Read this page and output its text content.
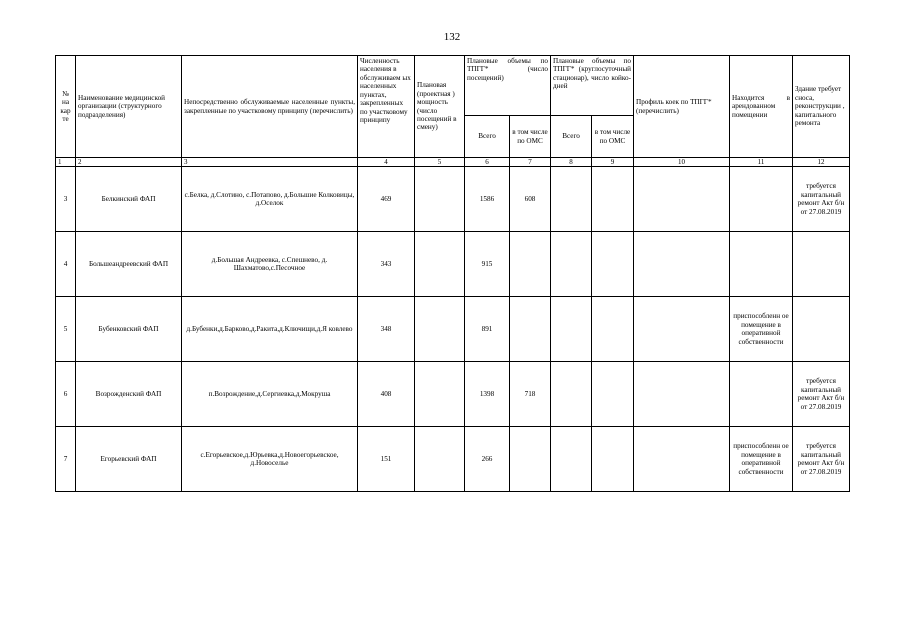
132
№ на кар те	Наименование медицинской организации (структурного подразделения)	Непосредственно обслуживаемые населенные пункты, закрепленные по участковому принципу (перечислить)	Численность населения в обслуживаем ых населенных пунктах, закрепленных по участковому принципу	Плановая (проектная ) мощность (число посещений в смену)	Плановые объемы по ТПГГ* (число посещений)		Плановые объемы по ТПГГ* (круглосуточный стационар), число койко-дней		Профиль коек по ТПГГ* (перечислить)	Находится в арендованном помещении	Здание требует сноса, реконструкции , капитального ремонта
					Всего	в том числе по ОМС	Всего	в том числе по ОМС			
1	2	3	4	5	6	7	8	9	10	11	12
3	Белкинский ФАП	с.Белка, д.Слотино, с.Потапово, д.Большие Колковицы, д.Оселок	469		1586	608					требуется капитальный ремонт Акт б/н от 27.08.2019
4	Большеандреевский ФАП	д.Большая Андреевка, с.Спешнево, д. Шахматово,с.Песочное	343		915						
5	Бубенковский ФАП	д.Бубенки,д.Барково,д.Ракита,д.Ключищи,д.Я ковлево	348		891					приспособленн ое помещение в оперативной собственности	
6	Возрожденский ФАП	п.Возрождение,д.Сергиевка,д.Мокруша	408		1398	718					требуется капитальный ремонт Акт б/н от 27.08.2019
7	Егорьевский ФАП	с.Егорьевское,д.Юрьевка,д.Новоегорьевское, д.Новоселье	151		266					приспособленн ое помещение в оперативной собственности	требуется капитальный ремонт Акт б/н от 27.08.2019
